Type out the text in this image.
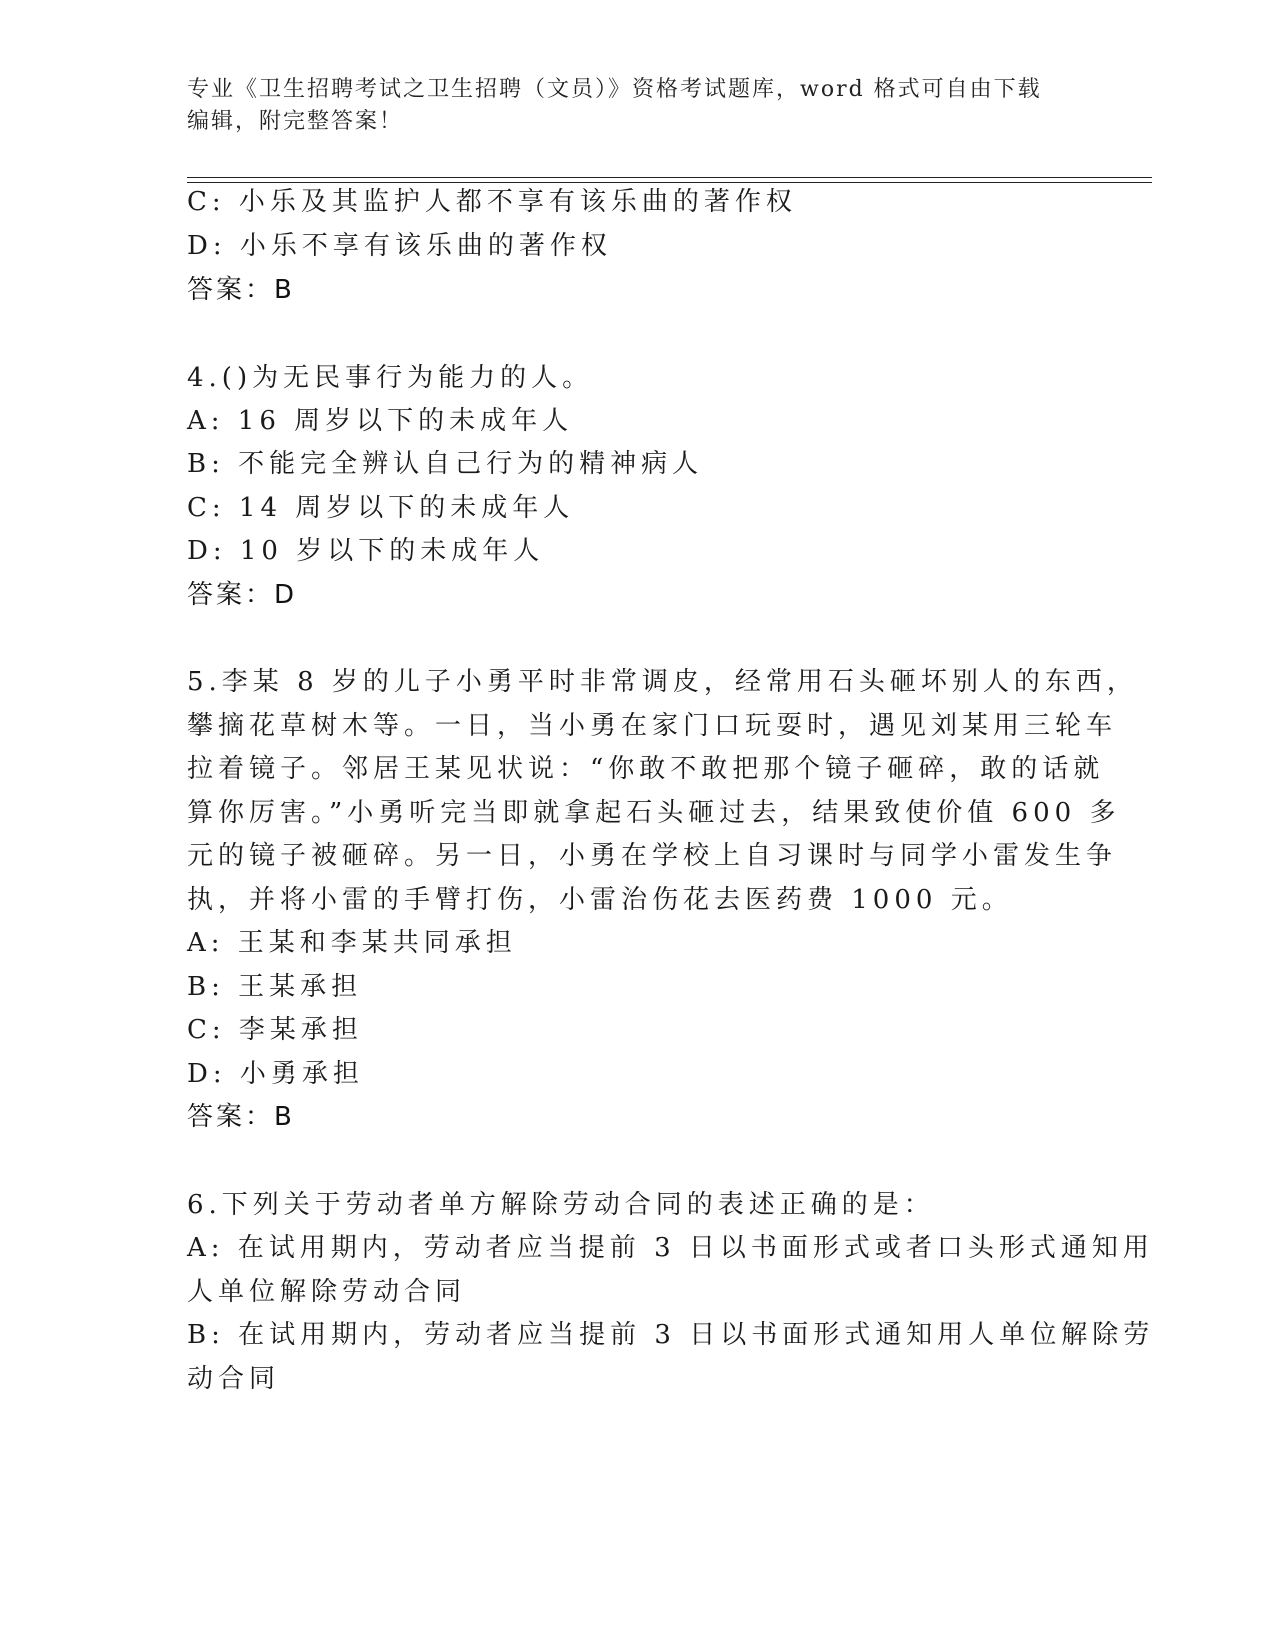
专业《卫生招聘考试之卫生招聘（文员）》资格考试题库，word 格式可自由下载
编辑，附完整答案！
C: 小乐及其监护人都不享有该乐曲的著作权
D: 小乐不享有该乐曲的著作权
答案：B
4.()为无民事行为能力的人。
A: 16 周岁以下的未成年人
B: 不能完全辨认自己行为的精神病人
C: 14 周岁以下的未成年人
D: 10 岁以下的未成年人
答案：D
5.李某 8 岁的儿子小勇平时非常调皮，经常用石头砸坏别人的东西，
攀摘花草树木等。一日，当小勇在家门口玩耍时，遇见刘某用三轮车
拉着镜子。邻居王某见状说：“你敢不敢把那个镜子砸碎，敢的话就
算你厉害。”小勇听完当即就拿起石头砸过去，结果致使价值 600 多
元的镜子被砸碎。另一日，小勇在学校上自习课时与同学小雷发生争
执，并将小雷的手臂打伤，小雷治伤花去医药费 1000 元。
A: 王某和李某共同承担
B: 王某承担
C: 李某承担
D: 小勇承担
答案：B
6.下列关于劳动者单方解除劳动合同的表述正确的是：
A: 在试用期内，劳动者应当提前 3 日以书面形式或者口头形式通知用
人单位解除劳动合同
B: 在试用期内，劳动者应当提前 3 日以书面形式通知用人单位解除劳
动合同
